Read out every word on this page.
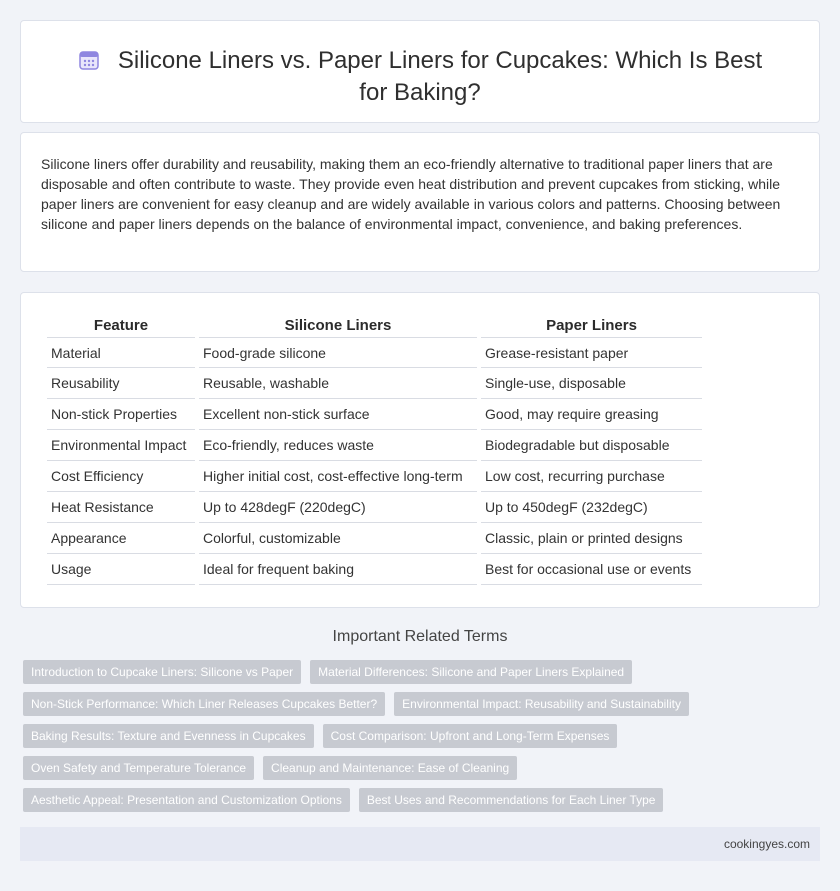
Silicone Liners vs. Paper Liners for Cupcakes: Which Is Best for Baking?

Silicone liners offer durability and reusability, making them an eco-friendly alternative to traditional paper liners that are disposable and often contribute to waste. They provide even heat distribution and prevent cupcakes from sticking, while paper liners are convenient for easy cleanup and are widely available in various colors and patterns. Choosing between silicone and paper liners depends on the balance of environmental impact, convenience, and baking preferences.

Feature	Silicone Liners	Paper Liners
Material	Food-grade silicone	Grease-resistant paper
Reusability	Reusable, washable	Single-use, disposable
Non-stick Properties	Excellent non-stick surface	Good, may require greasing
Environmental Impact	Eco-friendly, reduces waste	Biodegradable but disposable
Cost Efficiency	Higher initial cost, cost-effective long-term	Low cost, recurring purchase
Heat Resistance	Up to 428degF (220degC)	Up to 450degF (232degC)
Appearance	Colorful, customizable	Classic, plain or printed designs
Usage	Ideal for frequent baking	Best for occasional use or events
Important Related Terms
Introduction to Cupcake Liners: Silicone vs Paper	Material Differences: Silicone and Paper Liners Explained
Non-Stick Performance: Which Liner Releases Cupcakes Better?	Environmental Impact: Reusability and Sustainability
Baking Results: Texture and Evenness in Cupcakes	Cost Comparison: Upfront and Long-Term Expenses
Oven Safety and Temperature Tolerance	Cleanup and Maintenance: Ease of Cleaning
Aesthetic Appeal: Presentation and Customization Options	Best Uses and Recommendations for Each Liner Type
cookingyes.com
